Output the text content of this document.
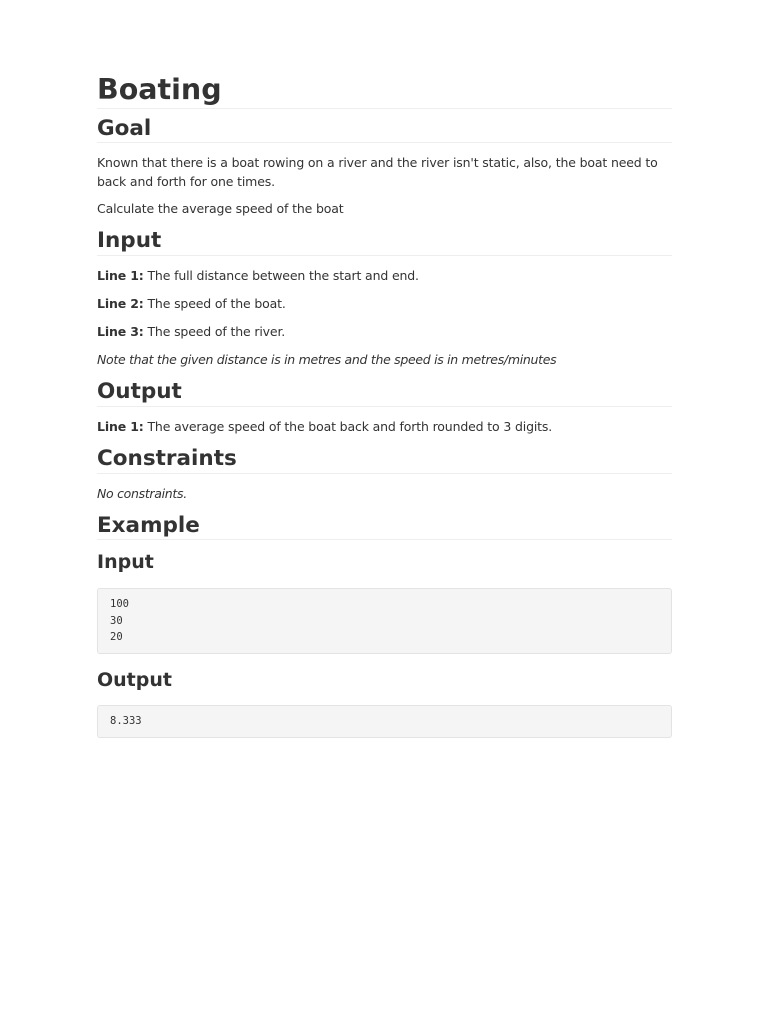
Boating
Goal

Known that there is a boat rowing on a river and the river isn't static, also, the boat need to back and forth for one times.

Calculate the average speed of the boat

Input

Line 1: The full distance between the start and end.

Line 2: The speed of the boat.

Line 3: The speed of the river.

Note that the given distance is in metres and the speed is in metres/minutes

Output

Line 1: The average speed of the boat back and forth rounded to 3 digits.

Constraints

No constraints.

Example
Input
100
30
20
Output
8.333
